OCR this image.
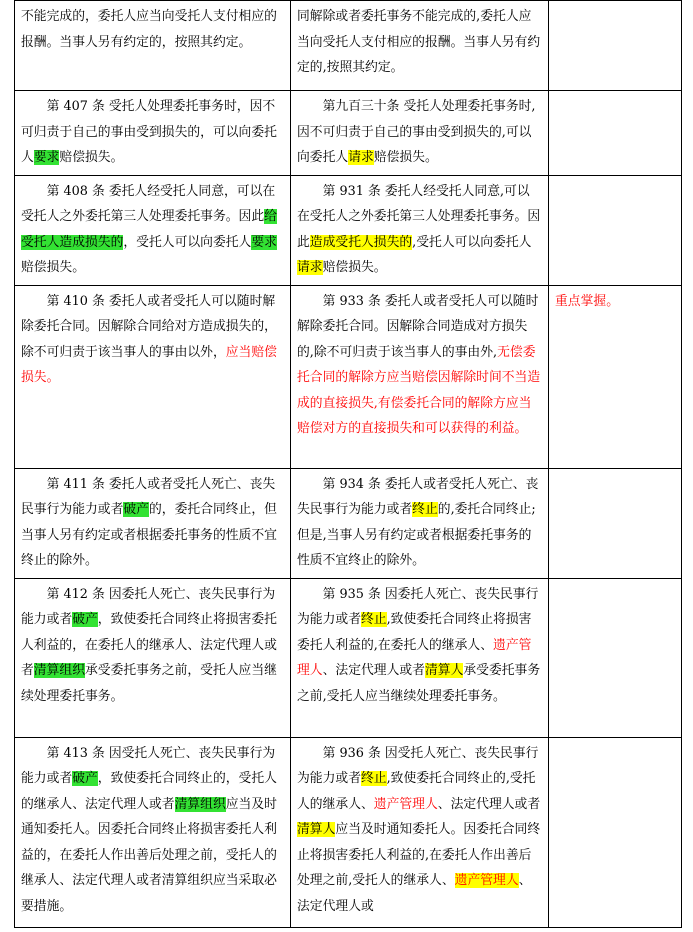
不能完成的，委托人应当向受托人支付相应的报酬。当事人另有约定的，按照其约定。	同解除或者委托事务不能完成的,委托人应当向受托人支付相应的报酬。当事人另有约定的,按照其约定。	

第 407 条 受托人处理委托事务时，因不可归责于自己的事由受到损失的，可以向委托人要求赔偿损失。	第九百三十条 受托人处理委托事务时,因不可归责于自己的事由受到损失的,可以向委托人请求赔偿损失。	

第 408 条 委托人经受托人同意，可以在受托人之外委托第三人处理委托事务。因此给受托人造成损失的，受托人可以向委托人要求赔偿损失。	第 931 条 委托人经受托人同意,可以在受托人之外委托第三人处理委托事务。因此造成受托人损失的,受托人可以向委托人请求赔偿损失。	

第 410 条 委托人或者受托人可以随时解除委托合同。因解除合同给对方造成损失的，除不可归责于该当事人的事由以外，应当赔偿损失。	第 933 条 委托人或者受托人可以随时解除委托合同。因解除合同造成对方损失的,除不可归责于该当事人的事由外,无偿委托合同的解除方应当赔偿因解除时间不当造成的直接损失,有偿委托合同的解除方应当赔偿对方的直接损失和可以获得的利益。	重点掌握。

第 411 条 委托人或者受托人死亡、丧失民事行为能力或者破产的，委托合同终止，但当事人另有约定或者根据委托事务的性质不宜终止的除外。	第 934 条 委托人或者受托人死亡、丧失民事行为能力或者终止的,委托合同终止;但是,当事人另有约定或者根据委托事务的性质不宜终止的除外。	

第 412 条 因委托人死亡、丧失民事行为能力或者破产，致使委托合同终止将损害委托人利益的，在委托人的继承人、法定代理人或者清算组织承受委托事务之前，受托人应当继续处理委托事务。	第 935 条 因委托人死亡、丧失民事行为能力或者终止,致使委托合同终止将损害委托人利益的,在委托人的继承人、遗产管理人、法定代理人或者清算人承受委托事务之前,受托人应当继续处理委托事务。	

第 413 条 因受托人死亡、丧失民事行为能力或者破产，致使委托合同终止的，受托人的继承人、法定代理人或者清算组织应当及时通知委托人。因委托合同终止将损害委托人利益的，在委托人作出善后处理之前，受托人的继承人、法定代理人或者清算组织应当采取必要措施。	第 936 条 因受托人死亡、丧失民事行为能力或者终止,致使委托合同终止的,受托人的继承人、遗产管理人、法定代理人或者清算人应当及时通知委托人。因委托合同终止将损害委托人利益的,在委托人作出善后处理之前,受托人的继承人、遗产管理人、法定代理人或	
